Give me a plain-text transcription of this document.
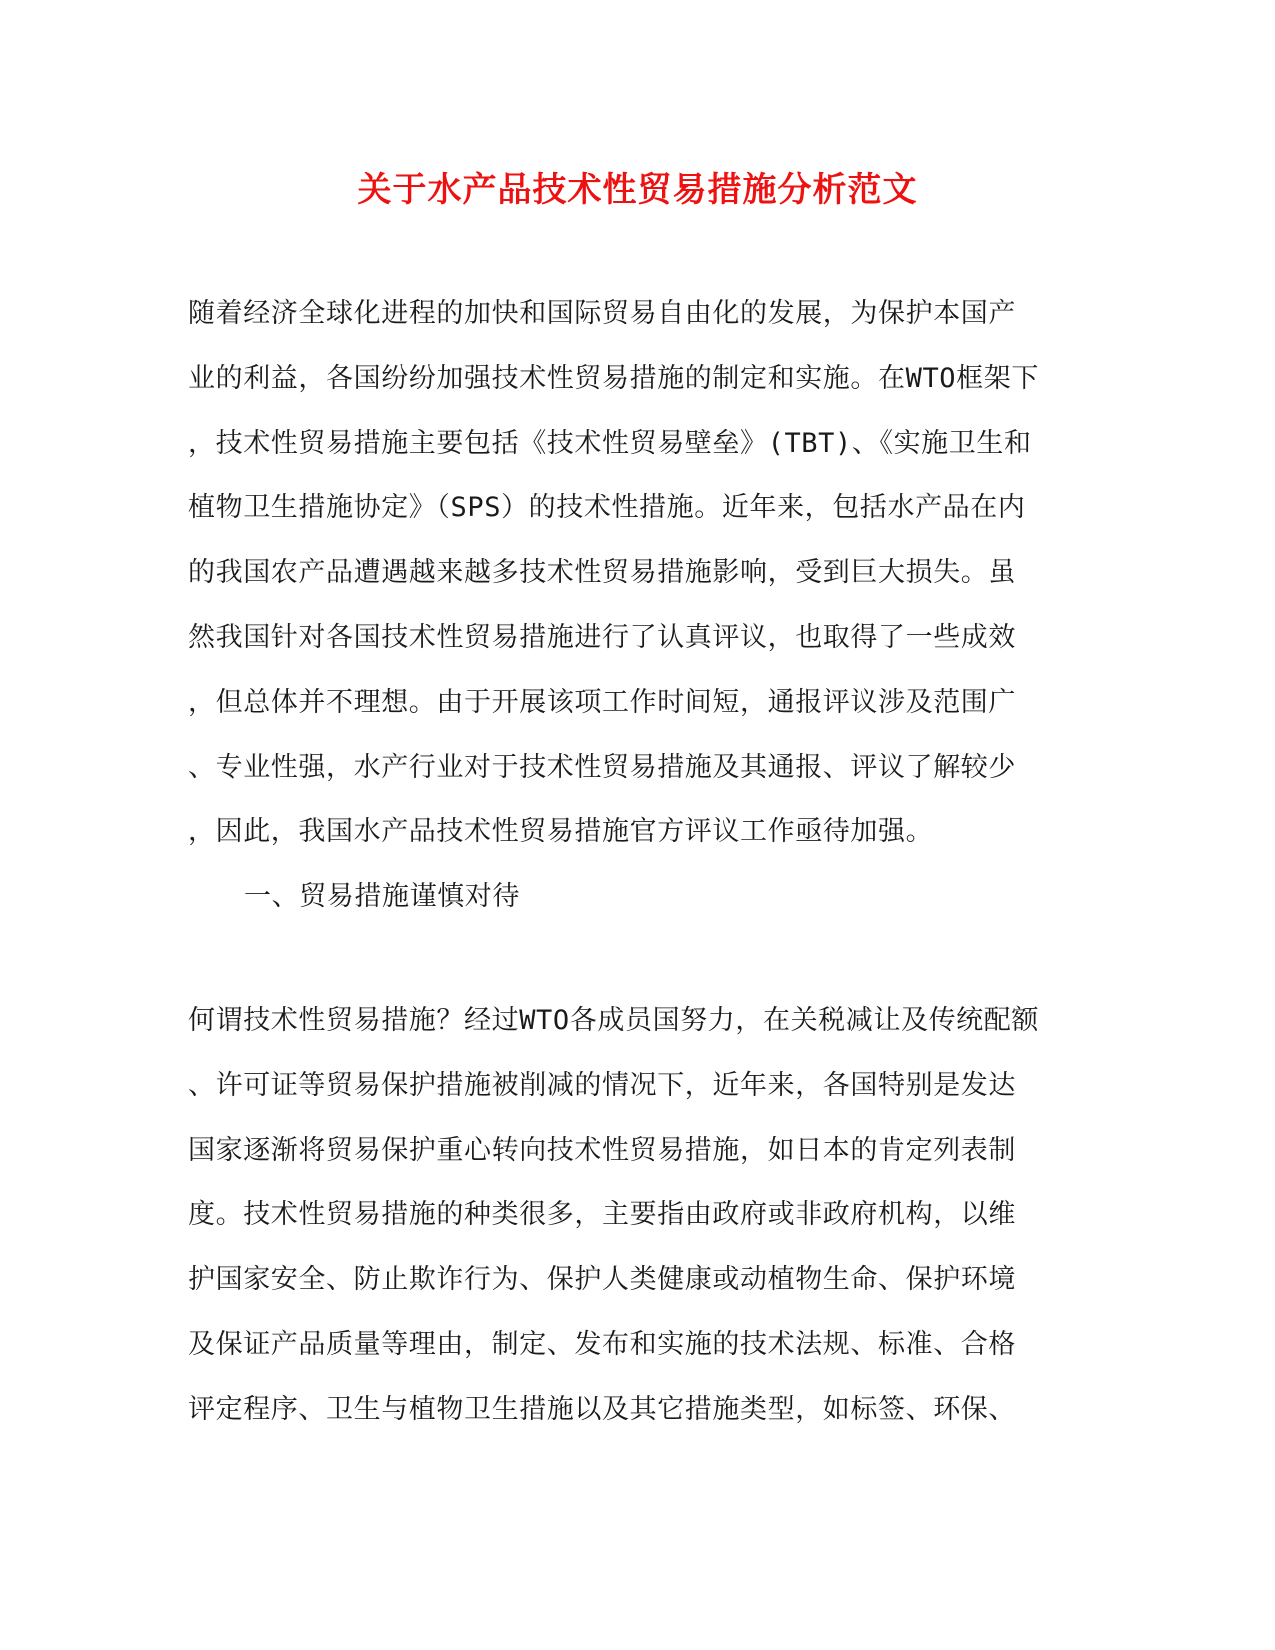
关于水产品技术性贸易措施分析范文
随着经济全球化进程的加快和国际贸易自由化的发展，为保护本国产
业的利益，各国纷纷加强技术性贸易措施的制定和实施。在WTO框架下
，技术性贸易措施主要包括《技术性贸易壁垒》(TBT)、《实施卫生和
植物卫生措施协定》（SPS）的技术性措施。近年来，包括水产品在内
的我国农产品遭遇越来越多技术性贸易措施影响，受到巨大损失。虽
然我国针对各国技术性贸易措施进行了认真评议，也取得了一些成效
，但总体并不理想。由于开展该项工作时间短，通报评议涉及范围广
、专业性强，水产行业对于技术性贸易措施及其通报、评议了解较少
，因此，我国水产品技术性贸易措施官方评议工作亟待加强。
一、贸易措施谨慎对待
何谓技术性贸易措施？经过WTO各成员国努力，在关税减让及传统配额
、许可证等贸易保护措施被削减的情况下，近年来，各国特别是发达
国家逐渐将贸易保护重心转向技术性贸易措施，如日本的肯定列表制
度。技术性贸易措施的种类很多，主要指由政府或非政府机构，以维
护国家安全、防止欺诈行为、保护人类健康或动植物生命、保护环境
及保证产品质量等理由，制定、发布和实施的技术法规、标准、合格
评定程序、卫生与植物卫生措施以及其它措施类型，如标签、环保、
